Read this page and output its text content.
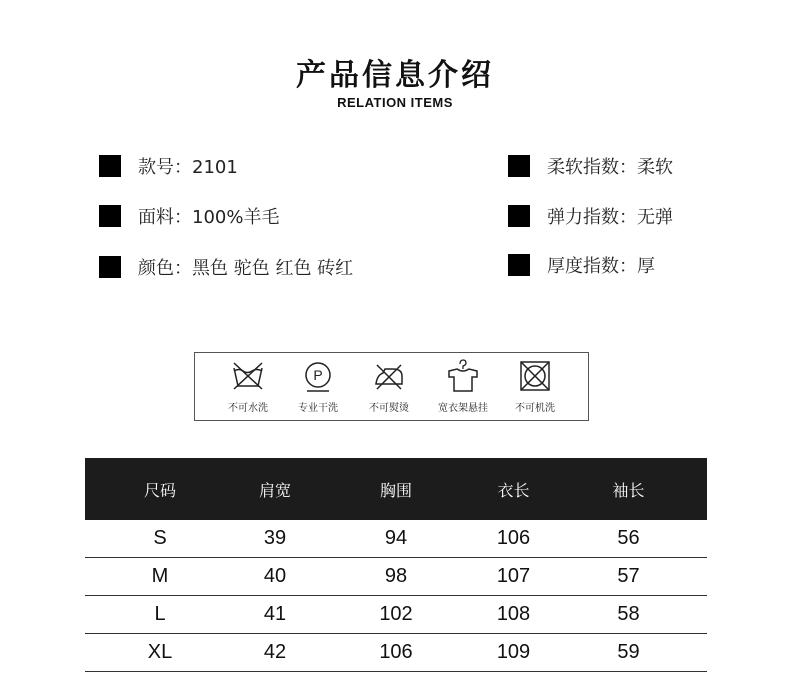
产品信息介绍
RELATION ITEMS
款号：2101
面料：100%羊毛
颜色：黑色 驼色 红色 砖红
柔软指数：柔软
弹力指数：无弹
厚度指数：厚
不可水洗
P
专业干洗	不可熨烫	宽衣架悬挂	不可机洗
尺码	肩宽	胸围	衣长	袖长
S	39	94	106	56
M	40	98	107	57
L	41	102	108	58
XL	42	106	109	59
